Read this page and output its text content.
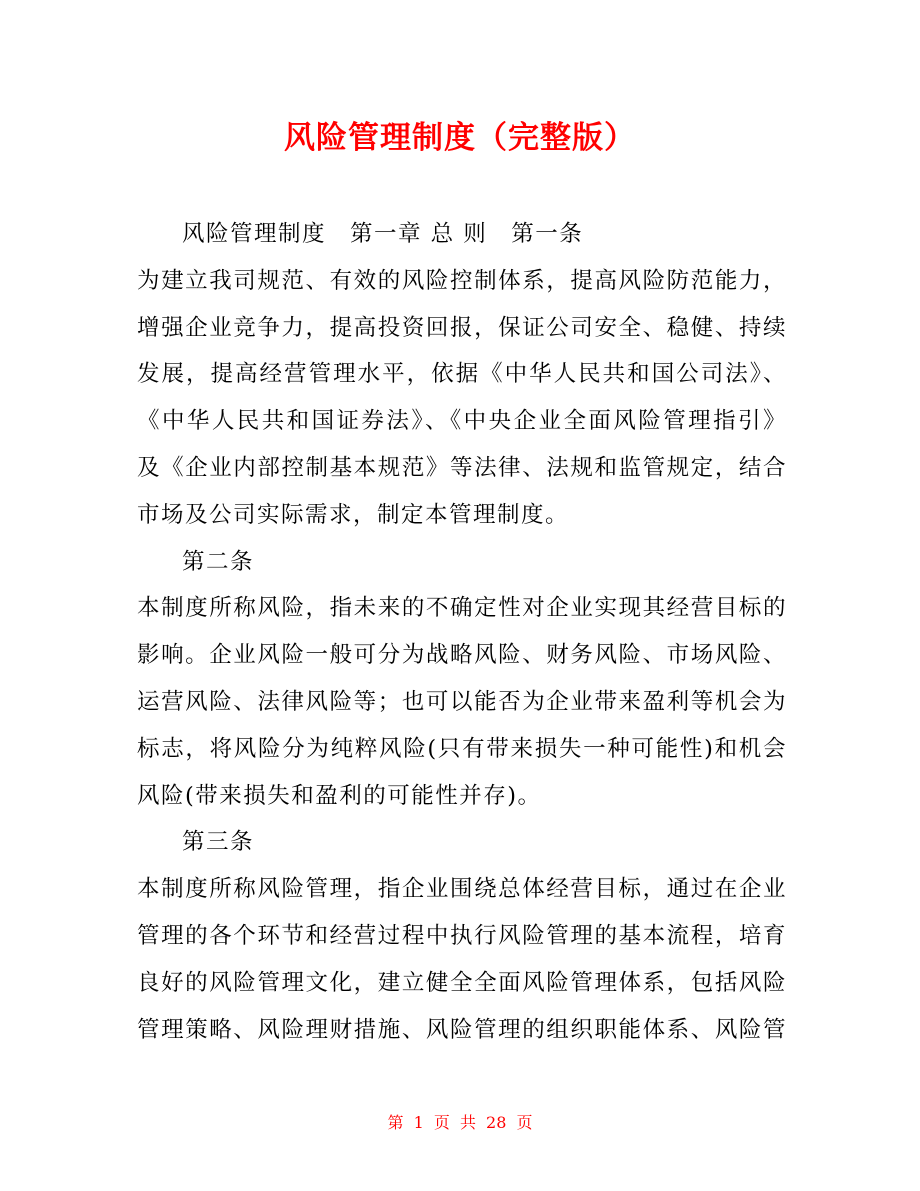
风险管理制度（完整版）
风险管理制度　第一章 总 则　第一条
为建立我司规范、有效的风险控制体系，提高风险防范能力，
增强企业竞争力，提高投资回报，保证公司安全、稳健、持续
发展，提高经营管理水平，依据《中华人民共和国公司法》、
《中华人民共和国证券法》、《中央企业全面风险管理指引》
及《企业内部控制基本规范》等法律、法规和监管规定，结合
市场及公司实际需求，制定本管理制度。
第二条
本制度所称风险，指未来的不确定性对企业实现其经营目标的
影响。企业风险一般可分为战略风险、财务风险、市场风险、
运营风险、法律风险等；也可以能否为企业带来盈利等机会为
标志，将风险分为纯粹风险(只有带来损失一种可能性)和机会
风险(带来损失和盈利的可能性并存)。
第三条
本制度所称风险管理，指企业围绕总体经营目标，通过在企业
管理的各个环节和经营过程中执行风险管理的基本流程，培育
良好的风险管理文化，建立健全全面风险管理体系，包括风险
管理策略、风险理财措施、风险管理的组织职能体系、风险管
第 1 页 共 28 页
